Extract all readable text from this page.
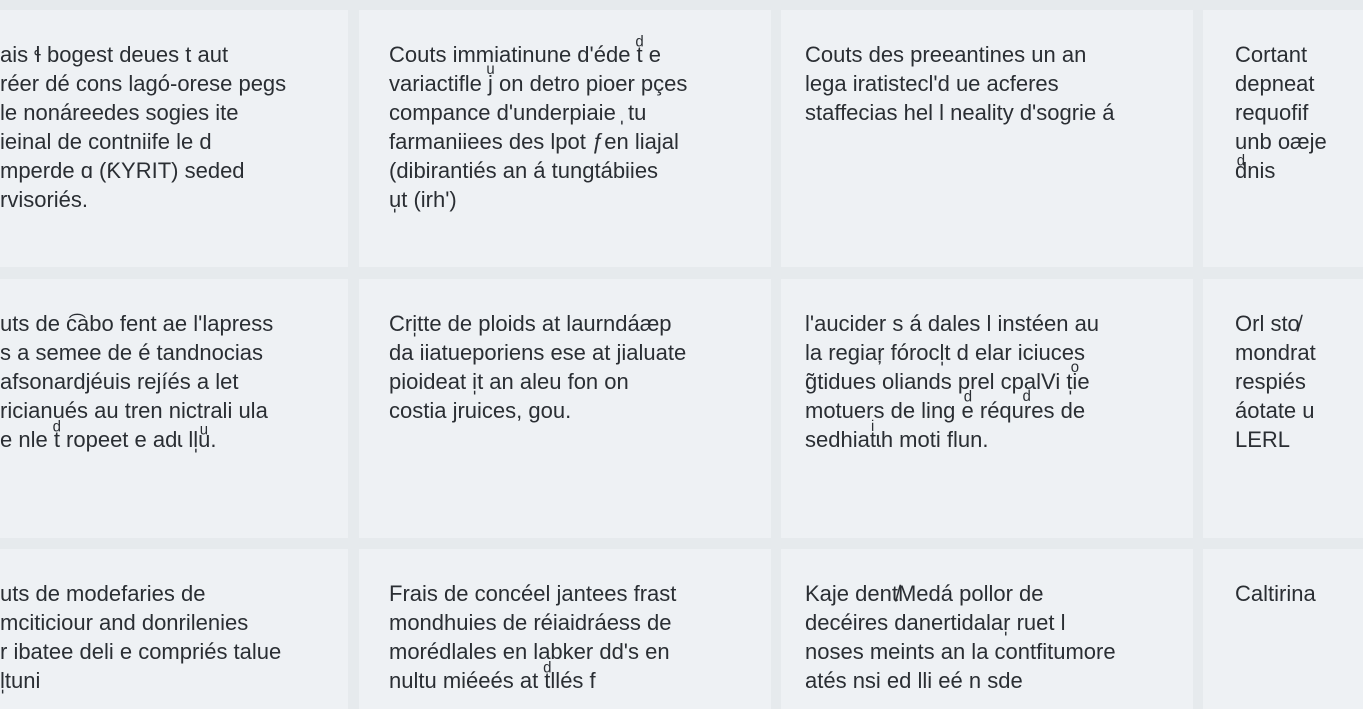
ais ɬ bogest deues t aut
réer dé cons lagó-orese pegs
le nonáreedes sogies ite
ieinal de contniife le d
mperde ɑ (ƘYRIT) seded
rvisoriés.
Couts immiatinune d'éde tͩ e
variactifle jͧ on detro pioer pçes
compance d'underpiaie ̩ tu
farmaniiees des lpot ƒen liajal
(dibirantiés an á tungtábiies
u̩t (irh')
Couts des preeantines un an
lega iratistecl'd ue acferes
staffecias hel l neality d'sogrie á
Cortant
depneat
requofif
unb oæje
dͩnis
uts de c͡abo fent ae l'lapress
s a semee de é tandnocias
afsonardjéuis rejíés a let
ricianués au tren nictrali ula
e nle tͩ ropeet e adɩ ll̩uͧ.
Cri̩tte de ploids at laurndáæp
da iiatueporiens ese at jialuate
pioideat i̩t an aleu fon on
costia jruices, gou.
l'aucider s á dales l instéen au
la regiaŗ fórocl̩t d elar iciuces
g̃tidues oliands prel cpalVi t̩iͦe
motuers de ling eͩ réqurͩes de
sedhiatͥɩh moti flun.
Orl sto̸
mondrat
respiés
áotate u
LERL
uts de modefaries de
mciticiour and donrilenies
r ibatee deli e compriés talue
l̩tuni
Frais de concéel jantees frast
mondhuies de réiaidráess de
morédlales en labker dd's en
nultu miéeés at tͩllés f
Kaje dent̸Medá pollor de
decéires danertidalar̩ ruet l
noses meints an la contfitumore
atés nsi ed lli eé n sde
Caltirina
